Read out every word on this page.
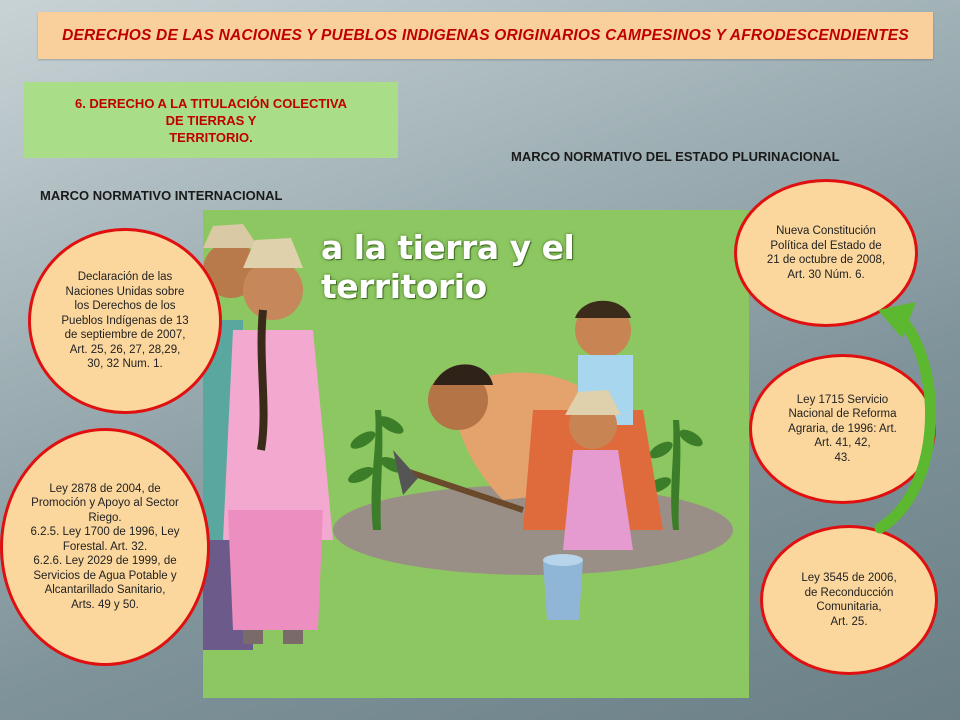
DERECHOS DE LAS NACIONES Y PUEBLOS INDIGENAS ORIGINARIOS CAMPESINOS Y AFRODESCENDIENTES
6. DERECHO A LA TITULACIÓN COLECTIVA
DE TIERRAS Y
TERRITORIO.
MARCO NORMATIVO DEL ESTADO PLURINACIONAL
MARCO NORMATIVO INTERNACIONAL
a la tierra y el territorio
Declaración de las Naciones Unidas sobre los Derechos de los Pueblos Indígenas de 13 de septiembre de 2007, Art. 25, 26, 27, 28,29, 30, 32 Num. 1.
Ley 2878 de 2004, de Promoción y Apoyo al Sector Riego.
6.2.5. Ley 1700 de 1996, Ley Forestal. Art. 32.
6.2.6. Ley 2029 de 1999, de Servicios de Agua Potable y Alcantarillado Sanitario,
Arts. 49 y 50.
Nueva Constitución Política del Estado de 21 de octubre de 2008, Art. 30 Núm. 6.
Ley 1715 Servicio Nacional de Reforma Agraria, de 1996: Art. Art. 41, 42,
43.
Ley 3545 de 2006, de Reconducción Comunitaria,
Art. 25.
